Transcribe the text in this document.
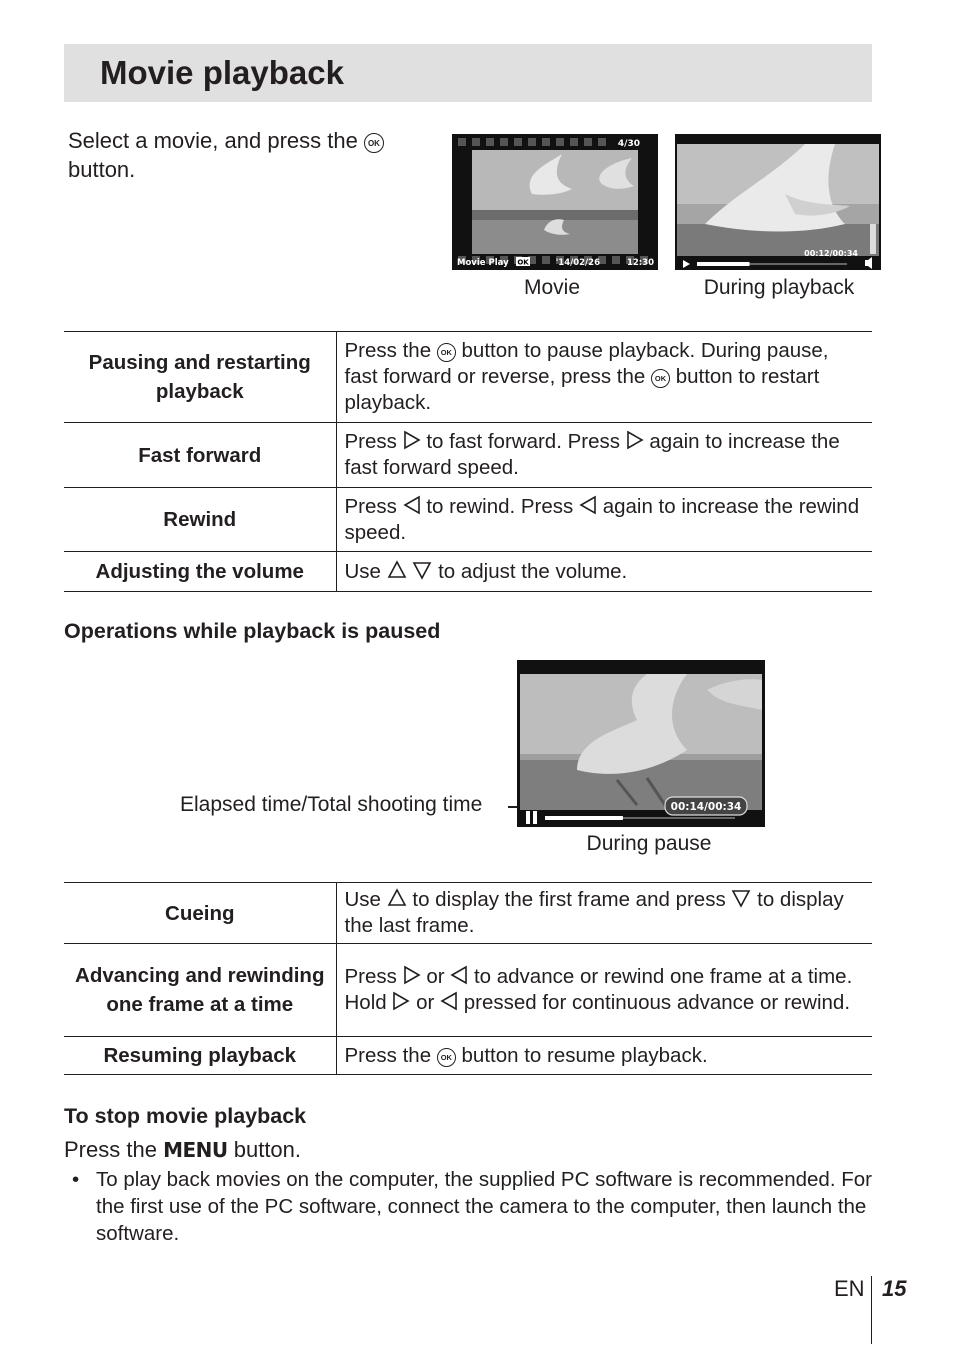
Movie playback
Select a movie, and press the OK
button.
4/30
Movie Play OK	'14/02/26	12:30
Movie
00:12/00:34
During playback
Pausing and restarting playback	Press the OK button to pause playback. During pause, fast forward or reverse, press the OK button to restart playback.
Fast forward	Press to fast forward. Press again to increase the fast forward speed.
Rewind	Press to rewind. Press again to increase the rewind speed.
Adjusting the volume	Use to adjust the volume.
Operations while playback is paused
Elapsed time/Total shooting time	00:14/00:34
During pause
Cueing	Use to display the first frame and press to display the last frame.
Advancing and rewinding one frame at a time	Press or to advance or rewind one frame at a time. Hold or pressed for continuous advance or rewind.
Resuming playback	Press the OK button to resume playback.
To stop movie playback
Press the MENU button.
• To play back movies on the computer, the supplied PC software is recommended. For the first use of the PC software, connect the camera to the computer, then launch the software.
EN 15
